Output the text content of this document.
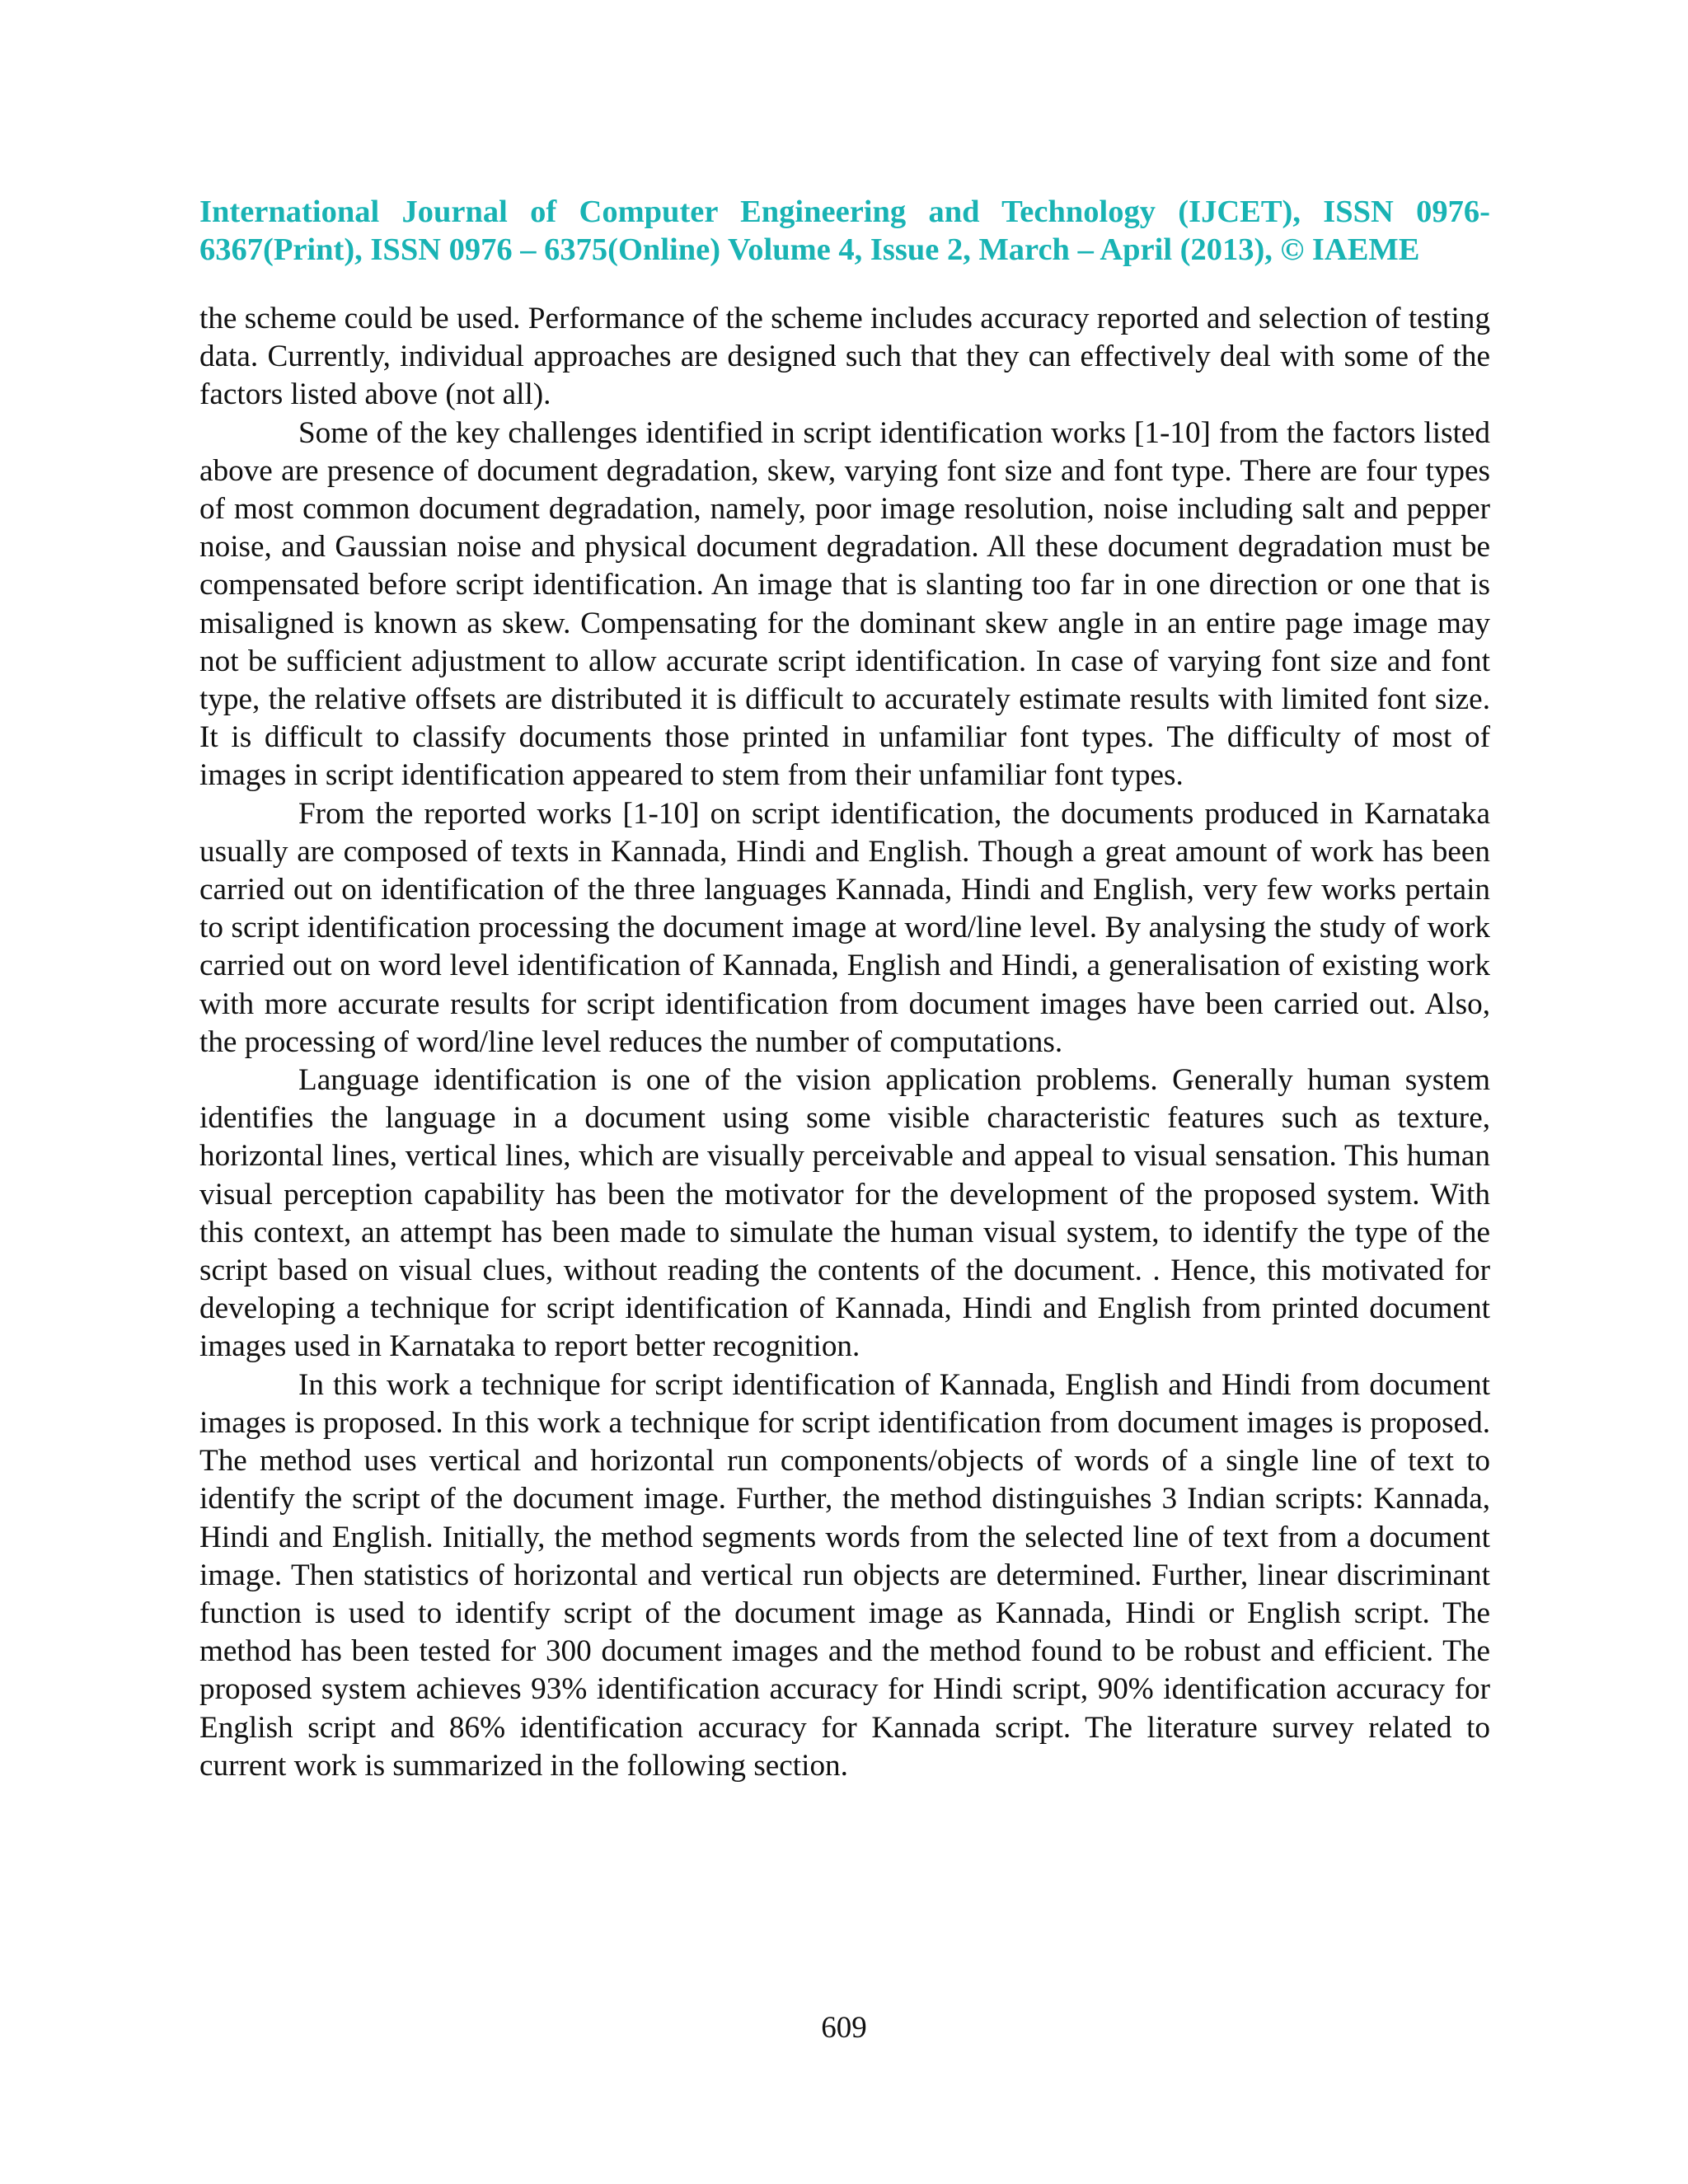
International Journal of Computer Engineering and Technology (IJCET), ISSN 0976-6367(Print), ISSN 0976 – 6375(Online) Volume 4, Issue 2, March – April (2013), © IAEME

the scheme could be used. Performance of the scheme includes accuracy reported and selection of testing data. Currently, individual approaches are designed such that they can effectively deal with some of the factors listed above (not all).

Some of the key challenges identified in script identification works [1-10] from the factors listed above are presence of document degradation, skew, varying font size and font type. There are four types of most common document degradation, namely, poor image resolution, noise including salt and pepper noise, and Gaussian noise and physical document degradation. All these document degradation must be compensated before script identification. An image that is slanting too far in one direction or one that is misaligned is known as skew. Compensating for the dominant skew angle in an entire page image may not be sufficient adjustment to allow accurate script identification. In case of varying font size and font type, the relative offsets are distributed it is difficult to accurately estimate results with limited font size. It is difficult to classify documents those printed in unfamiliar font types. The difficulty of most of images in script identification appeared to stem from their unfamiliar font types.

From the reported works [1-10] on script identification, the documents produced in Karnataka usually are composed of texts in Kannada, Hindi and English. Though a great amount of work has been carried out on identification of the three languages Kannada, Hindi and English, very few works pertain to script identification processing the document image at word/line level. By analysing the study of work carried out on word level identification of Kannada, English and Hindi, a generalisation of existing work with more accurate results for script identification from document images have been carried out. Also, the processing of word/line level reduces the number of computations.

Language identification is one of the vision application problems. Generally human system identifies the language in a document using some visible characteristic features such as texture, horizontal lines, vertical lines, which are visually perceivable and appeal to visual sensation. This human visual perception capability has been the motivator for the development of the proposed system. With this context, an attempt has been made to simulate the human visual system, to identify the type of the script based on visual clues, without reading the contents of the document. . Hence, this motivated for developing a technique for script identification of Kannada, Hindi and English from printed document images used in Karnataka to report better recognition.

In this work a technique for script identification of Kannada, English and Hindi from document images is proposed. In this work a technique for script identification from document images is proposed. The method uses vertical and horizontal run components/objects of words of a single line of text to identify the script of the document image. Further, the method distinguishes 3 Indian scripts: Kannada, Hindi and English. Initially, the method segments words from the selected line of text from a document image. Then statistics of horizontal and vertical run objects are determined. Further, linear discriminant function is used to identify script of the document image as Kannada, Hindi or English script. The method has been tested for 300 document images and the method found to be robust and efficient. The proposed system achieves 93% identification accuracy for Hindi script, 90% identification accuracy for English script and 86% identification accuracy for Kannada script. The literature survey related to current work is summarized in the following section.

609
